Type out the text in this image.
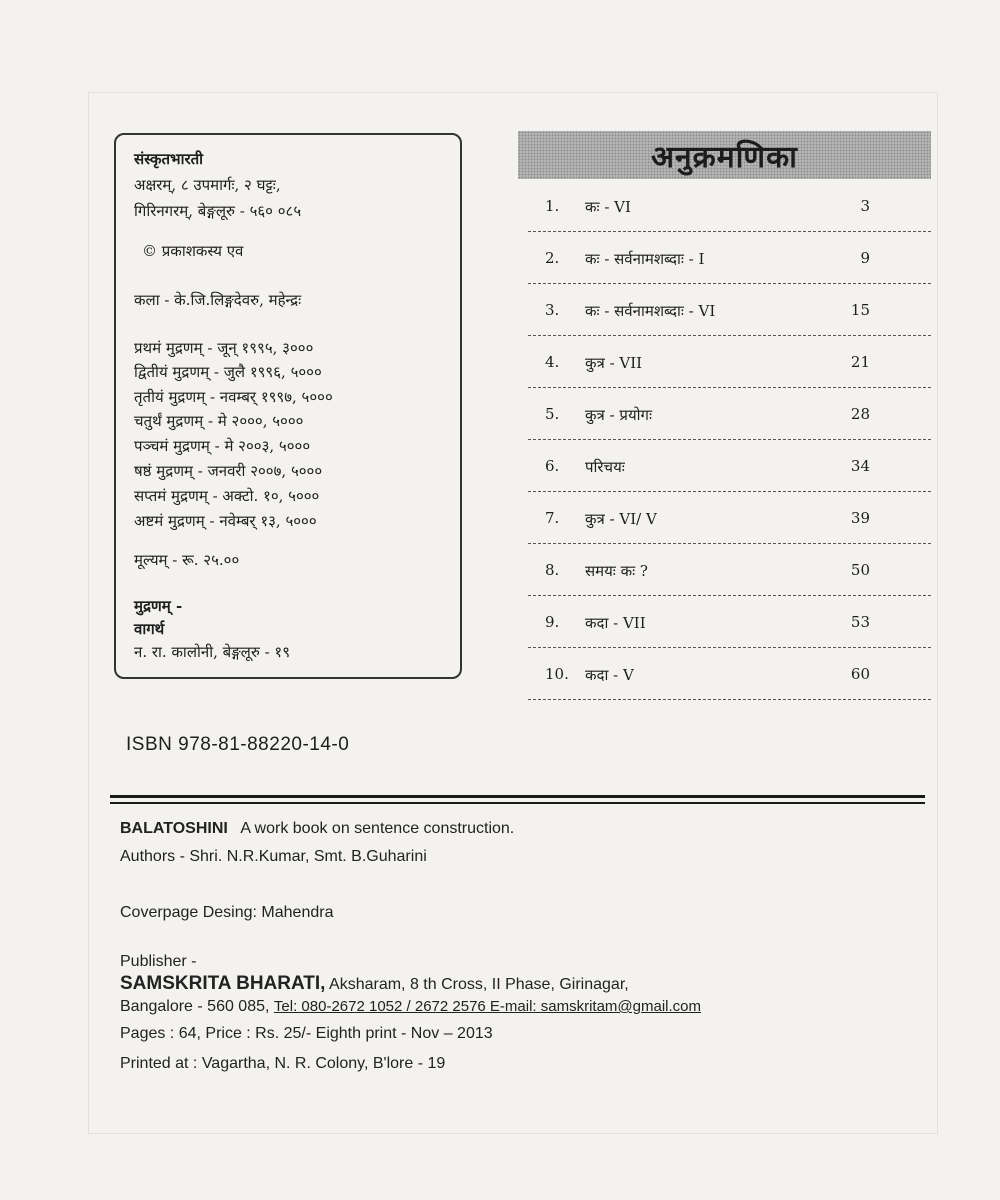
संस्कृतभारती
अक्षरम्, ८ उपमार्गः, २ घट्टः,
गिरिनगरम्, बेङ्गलूरु - ५६० ०८५
© प्रकाशकस्य एव
कला - के.जि.लिङ्गदेवरु, महेन्द्रः
प्रथमं मुद्रणम् - जून् १९९५, ३०००
द्वितीयं मुद्रणम् - जुलै १९९६, ५०००
तृतीयं मुद्रणम् - नवम्बर् १९९७, ५०००
चतुर्थं मुद्रणम् - मे २०००, ५०००
पञ्चमं मुद्रणम् - मे २००३, ५०००
षष्ठं मुद्रणम् - जनवरी २००७, ५०००
सप्तमं मुद्रणम् - अक्टो. १०, ५०००
अष्टमं मुद्रणम् - नवेम्बर् १३, ५०००
मूल्यम् - रू. २५.००
मुद्रणम् -
वागर्थ
न. रा. कालोनी, बेङ्गलूरु - १९
अनुक्रमणिका
1. कः - VI	3
2. कः - सर्वनामशब्दाः - I	9
3. कः - सर्वनामशब्दाः - VI	15
4. कुत्र - VII	21
5. कुत्र - प्रयोगः	28
6. परिचयः	34
7. कुत्र - VI/ V	39
8. समयः कः ?	50
9. कदा - VII	53
10. कदा - V	60
ISBN 978-81-88220-14-0
BALATOSHINI A work book on sentence construction.
Authors - Shri. N.R.Kumar, Smt. B.Guharini
Coverpage Desing: Mahendra
Publisher -
SAMSKRITA BHARATI, Aksharam, 8 th Cross, II Phase, Girinagar,
Bangalore - 560 085, Tel: 080-2672 1052 / 2672 2576 E-mail: samskritam@gmail.com
Pages : 64, Price : Rs. 25/- Eighth print - Nov – 2013
Printed at : Vagartha, N. R. Colony, B'lore - 19
